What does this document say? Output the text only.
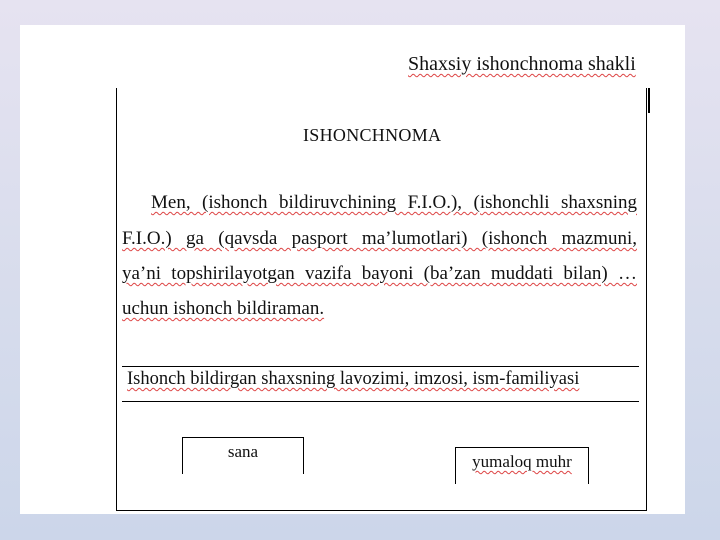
Shaxsiy ishonchnoma shakli
ISHONCHNOMA
Men, (ishonch bildiruvchining F.I.O.), (ishonchli shaxsning
F.I.O.) ga (qavsda pasport ma’lumotlari) (ishonch mazmuni,
ya’ni topshirilayotgan vazifa bayoni (ba’zan muddati bilan) …
uchun ishonch bildiraman.
Ishonch bildirgan shaxsning lavozimi, imzosi, ism-familiyasi
sana
yumaloq muhr
